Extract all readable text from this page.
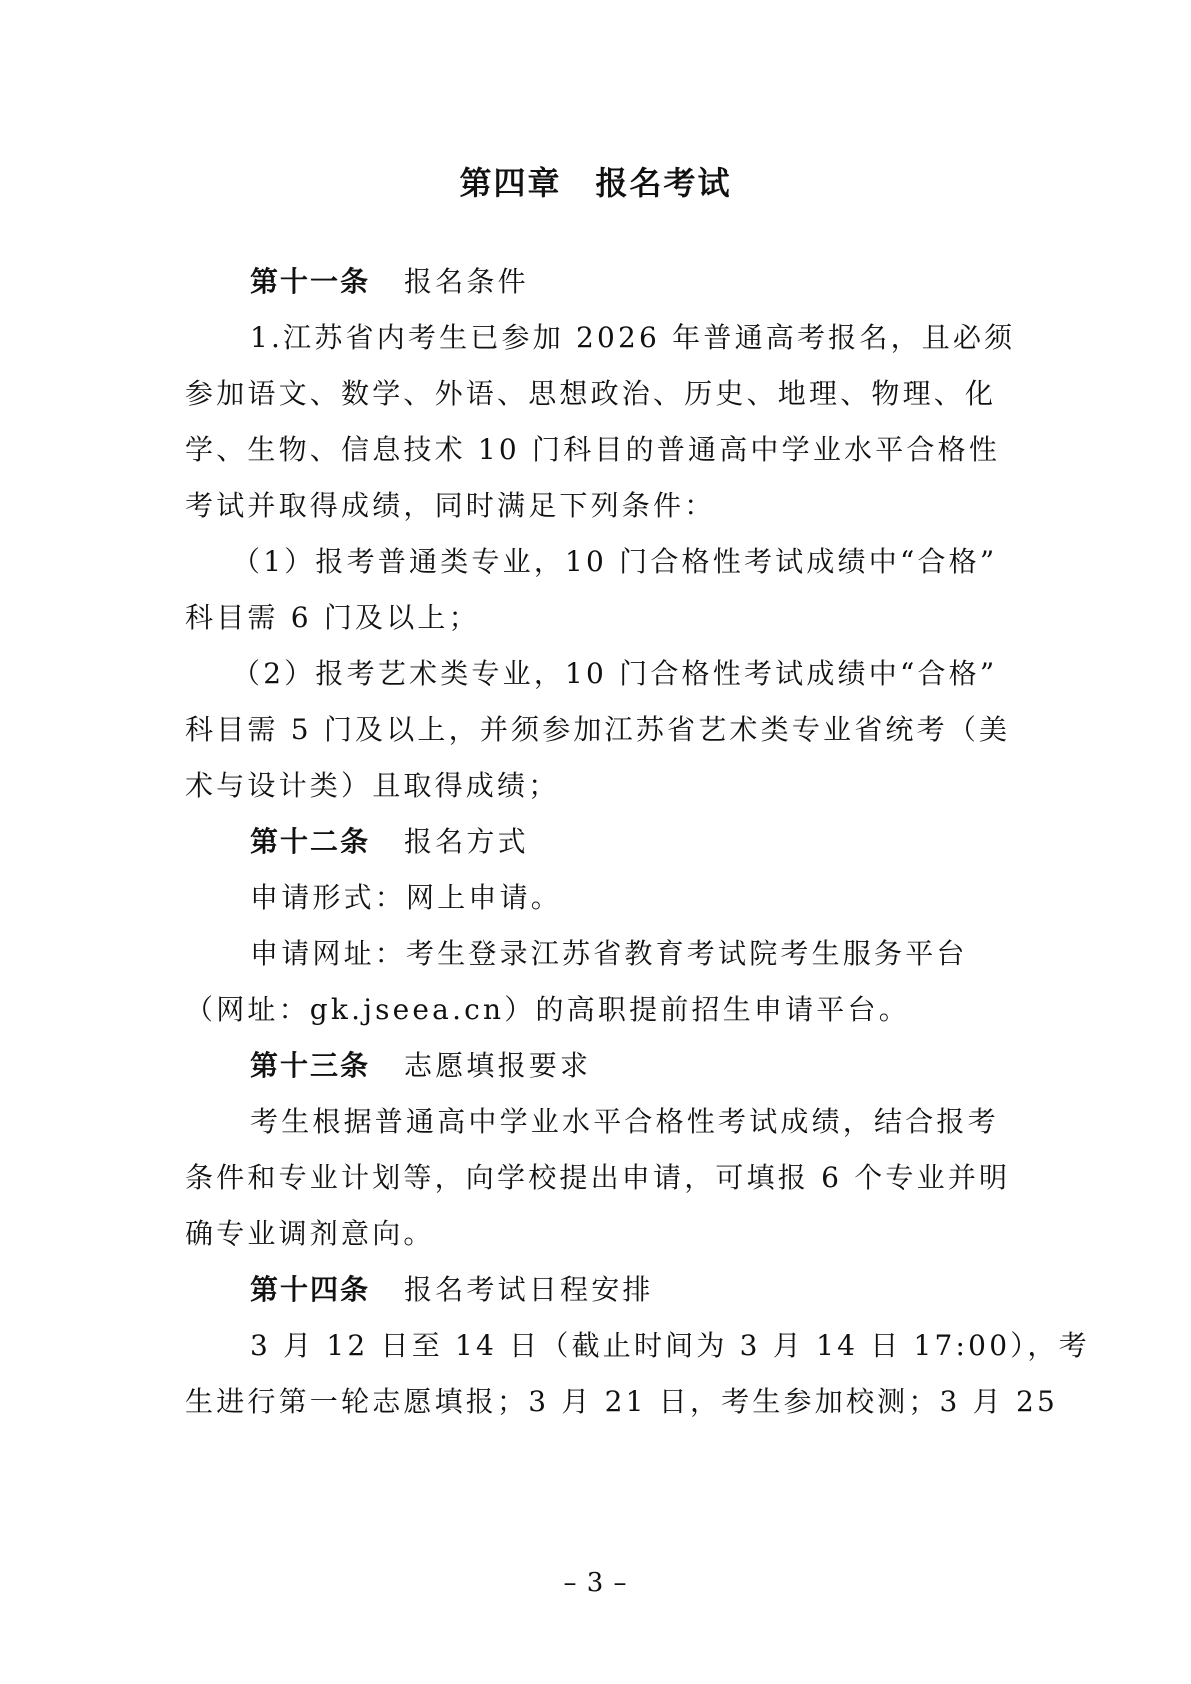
第四章　报名考试
第十一条 报名条件
1.江苏省内考生已参加 2026 年普通高考报名，且必须
参加语文、数学、外语、思想政治、历史、地理、物理、化
学、生物、信息技术 10 门科目的普通高中学业水平合格性
考试并取得成绩，同时满足下列条件：
（1）报考普通类专业，10 门合格性考试成绩中“合格”
科目需 6 门及以上；
（2）报考艺术类专业，10 门合格性考试成绩中“合格”
科目需 5 门及以上，并须参加江苏省艺术类专业省统考（美
术与设计类）且取得成绩；
第十二条 报名方式
申请形式：网上申请。
申请网址：考生登录江苏省教育考试院考生服务平台
（网址：gk.jseea.cn）的高职提前招生申请平台。
第十三条 志愿填报要求
考生根据普通高中学业水平合格性考试成绩，结合报考
条件和专业计划等，向学校提出申请，可填报 6 个专业并明
确专业调剂意向。
第十四条 报名考试日程安排
3 月 12 日至 14 日（截止时间为 3 月 14 日 17:00），考
生进行第一轮志愿填报；3 月 21 日，考生参加校测；3 月 25
– 3 –
